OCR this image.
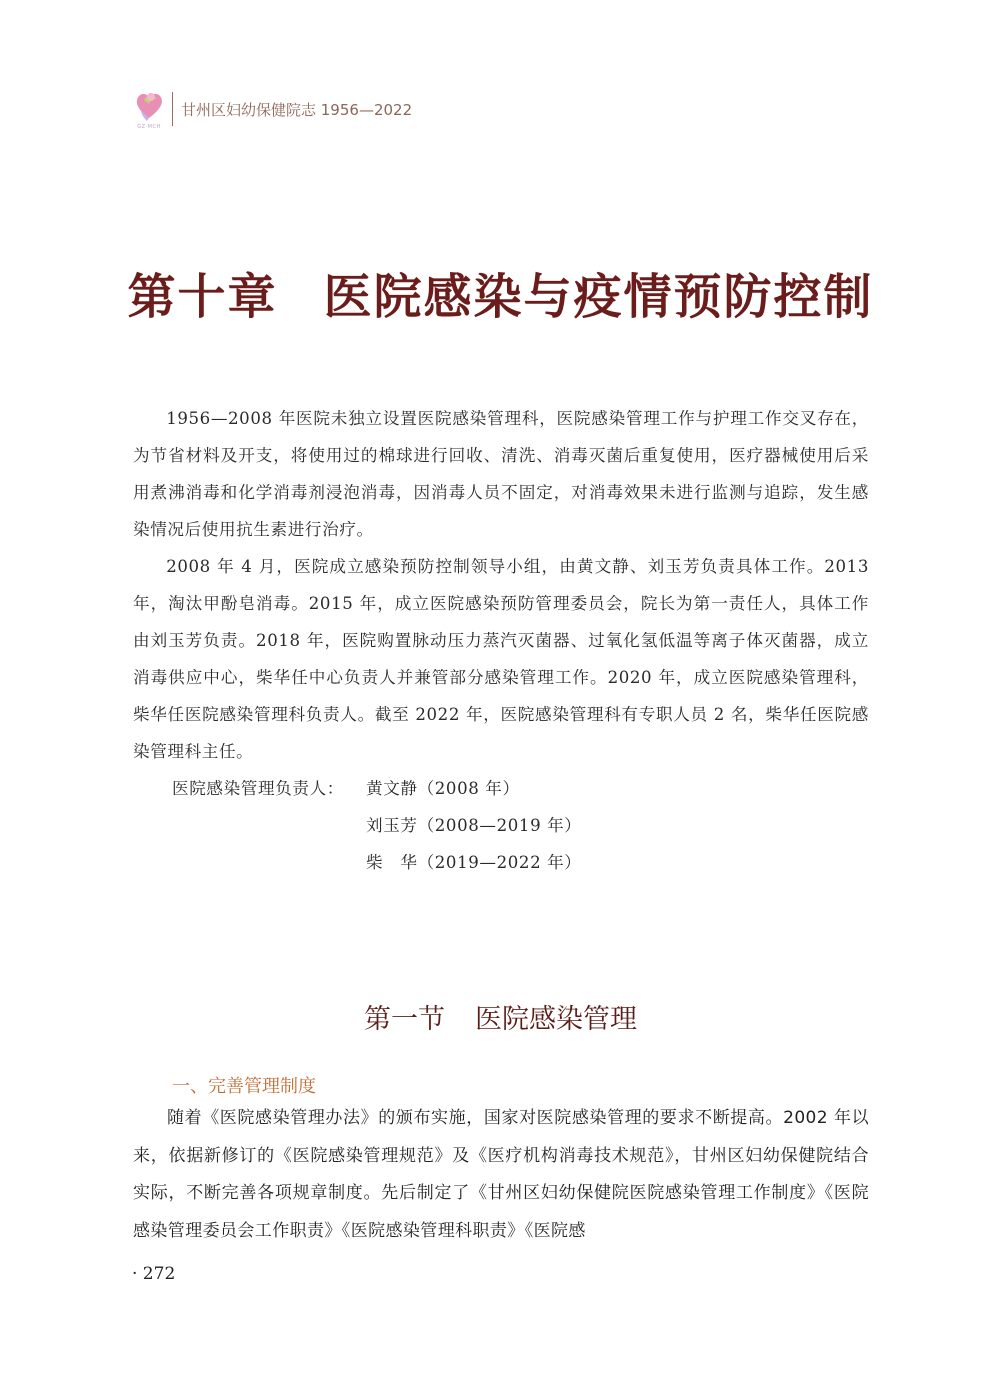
GZ·MCH
甘州区妇幼保健院志 1956—2022
第十章 医院感染与疫情预防控制

1956—2008 年医院未独立设置医院感染管理科，医院感染管理工作与护理工作交叉存在，为节省材料及开支，将使用过的棉球进行回收、清洗、消毒灭菌后重复使用，医疗器械使用后采用煮沸消毒和化学消毒剂浸泡消毒，因消毒人员不固定，对消毒效果未进行监测与追踪，发生感染情况后使用抗生素进行治疗。

2008 年 4 月，医院成立感染预防控制领导小组，由黄文静、刘玉芳负责具体工作。2013 年，淘汰甲酚皂消毒。2015 年，成立医院感染预防管理委员会，院长为第一责任人，具体工作由刘玉芳负责。2018 年，医院购置脉动压力蒸汽灭菌器、过氧化氢低温等离子体灭菌器，成立消毒供应中心，柴华任中心负责人并兼管部分感染管理工作。2020 年，成立医院感染管理科，柴华任医院感染管理科负责人。截至 2022 年，医院感染管理科有专职人员 2 名，柴华任医院感染管理科主任。

医院感染管理负责人： 黄文静（2008 年）
刘玉芳（2008—2019 年）
柴　华（2019—2022 年）
第一节 医院感染管理
一、完善管理制度

随着《医院感染管理办法》的颁布实施，国家对医院感染管理的要求不断提高。2002 年以来，依据新修订的《医院感染管理规范》及《医疗机构消毒技术规范》，甘州区妇幼保健院结合实际，不断完善各项规章制度。先后制定了《甘州区妇幼保健院医院感染管理工作制度》《医院感染管理委员会工作职责》《医院感染管理科职责》《医院感

· 272
